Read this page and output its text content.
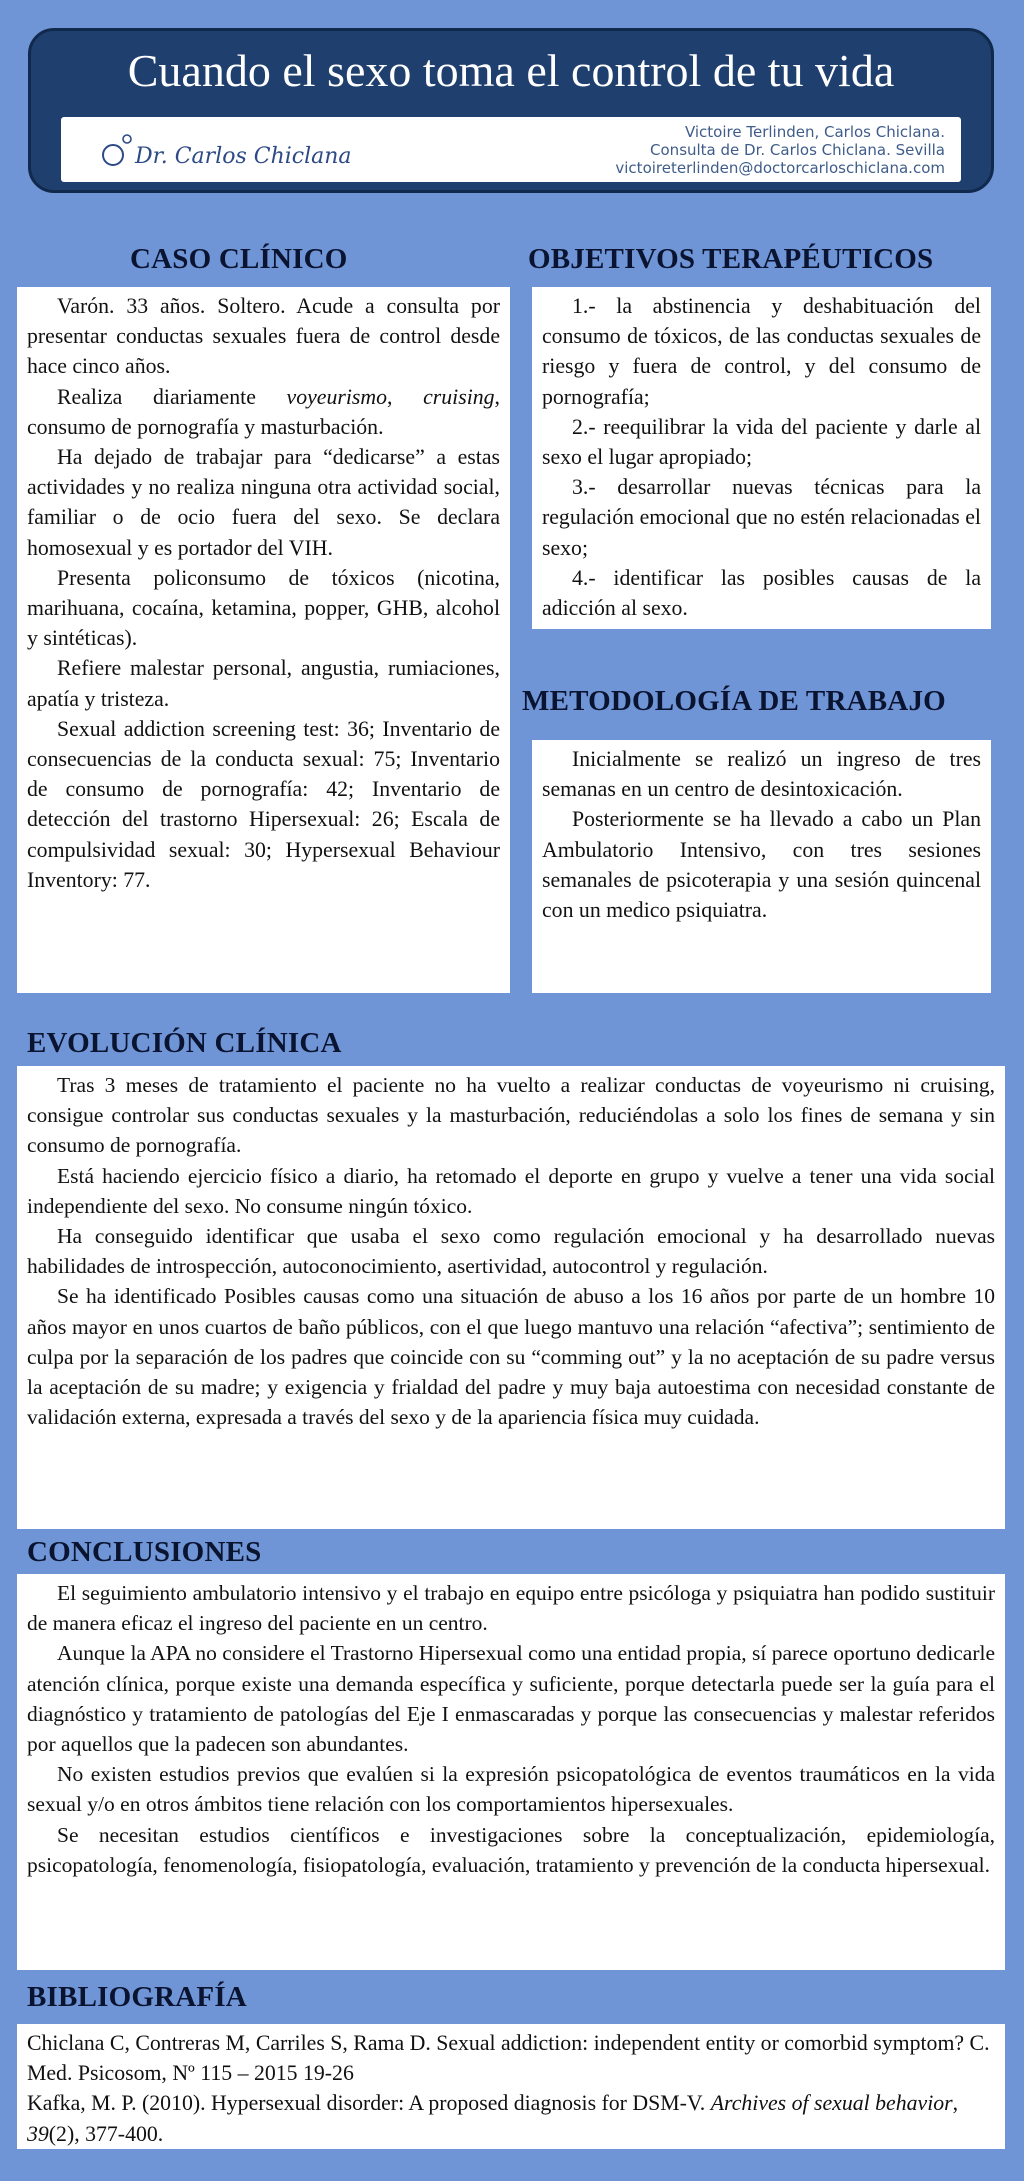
Cuando el sexo toma el control de tu vida
Dr. Carlos Chiclana
Victoire Terlinden, Carlos Chiclana.
Consulta de Dr. Carlos Chiclana. Sevilla
victoireterlinden@doctorcarloschiclana.com
CASO CLÍNICO

Varón. 33 años. Soltero. Acude a consulta por presentar conductas sexuales fuera de control desde hace cinco años.

Realiza diariamente voyeurismo, cruising, consumo de pornografía y masturbación.

Ha dejado de trabajar para “dedicarse” a estas actividades y no realiza ninguna otra actividad social, familiar o de ocio fuera del sexo. Se declara homosexual y es portador del VIH.

Presenta policonsumo de tóxicos (nicotina, marihuana, cocaína, ketamina, popper, GHB, alcohol y sintéticas).

Refiere malestar personal, angustia, rumiaciones, apatía y tristeza.

Sexual addiction screening test: 36; Inventario de consecuencias de la conducta sexual: 75; Inventario de consumo de pornografía: 42; Inventario de detección del trastorno Hipersexual: 26; Escala de compulsividad sexual: 30; Hypersexual Behaviour Inventory: 77.

OBJETIVOS TERAPÉUTICOS

1.- la abstinencia y deshabituación del consumo de tóxicos, de las conductas sexuales de riesgo y fuera de control, y del consumo de pornografía;

2.- reequilibrar la vida del paciente y darle al sexo el lugar apropiado;

3.- desarrollar nuevas técnicas para la regulación emocional que no estén relacionadas el sexo;

4.- identificar las posibles causas de la adicción al sexo.

METODOLOGÍA DE TRABAJO

Inicialmente se realizó un ingreso de tres semanas en un centro de desintoxicación.

Posteriormente se ha llevado a cabo un Plan Ambulatorio Intensivo, con tres sesiones semanales de psicoterapia y una sesión quincenal con un medico psiquiatra.

EVOLUCIÓN CLÍNICA

Tras 3 meses de tratamiento el paciente no ha vuelto a realizar conductas de voyeurismo ni cruising, consigue controlar sus conductas sexuales y la masturbación, reduciéndolas a solo los fines de semana y sin consumo de pornografía.

Está haciendo ejercicio físico a diario, ha retomado el deporte en grupo y vuelve a tener una vida social independiente del sexo. No consume ningún tóxico.

Ha conseguido identificar que usaba el sexo como regulación emocional y ha desarrollado nuevas habilidades de introspección, autoconocimiento, asertividad, autocontrol y regulación.

Se ha identificado Posibles causas como una situación de abuso a los 16 años por parte de un hombre 10 años mayor en unos cuartos de baño públicos, con el que luego mantuvo una relación “afectiva”; sentimiento de culpa por la separación de los padres que coincide con su “comming out” y la no aceptación de su padre versus la aceptación de su madre; y exigencia y frialdad del padre y muy baja autoestima con necesidad constante de validación externa, expresada a través del sexo y de la apariencia física muy cuidada.

CONCLUSIONES

El seguimiento ambulatorio intensivo y el trabajo en equipo entre psicóloga y psiquiatra han podido sustituir de manera eficaz el ingreso del paciente en un centro.

Aunque la APA no considere el Trastorno Hipersexual como una entidad propia, sí parece oportuno dedicarle atención clínica, porque existe una demanda específica y suficiente, porque detectarla puede ser la guía para el diagnóstico y tratamiento de patologías del Eje I enmascaradas y porque las consecuencias y malestar referidos por aquellos que la padecen son abundantes.

No existen estudios previos que evalúen si la expresión psicopatológica de eventos traumáticos en la vida sexual y/o en otros ámbitos tiene relación con los comportamientos hipersexuales.

Se necesitan estudios científicos e investigaciones sobre la conceptualización, epidemiología, psicopatología, fenomenología, fisiopatología, evaluación, tratamiento y prevención de la conducta hipersexual.

BIBLIOGRAFÍA

Chiclana C, Contreras M, Carriles S, Rama D. Sexual addiction: independent entity or comorbid symptom? C. Med. Psicosom, Nº 115 – 2015 19-26

Kafka, M. P. (2010). Hypersexual disorder: A proposed diagnosis for DSM-V. Archives of sexual behavior, 39(2), 377-400.
